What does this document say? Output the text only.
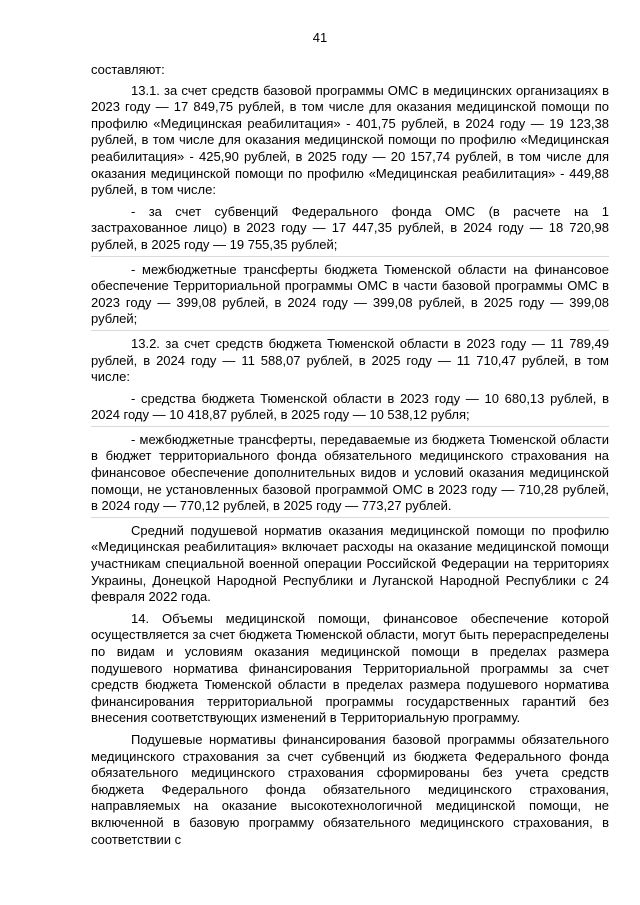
41

составляют:

13.1. за счет средств базовой программы ОМС в медицинских организациях в 2023 году — 17 849,75 рублей, в том числе для оказания медицинской помощи по профилю «Медицинская реабилитация» - 401,75 рублей, в 2024 году — 19 123,38 рублей, в том числе для оказания медицинской помощи по профилю «Медицинская реабилитация» - 425,90 рублей, в 2025 году — 20 157,74 рублей, в том числе для оказания медицинской помощи по профилю «Медицинская реабилитация» - 449,88 рублей, в том числе:

- за счет субвенций Федерального фонда ОМС (в расчете на 1 застрахованное лицо) в 2023 году — 17 447,35 рублей, в 2024 году — 18 720,98 рублей, в 2025 году — 19 755,35 рублей;

- межбюджетные трансферты бюджета Тюменской области на финансовое обеспечение Территориальной программы ОМС в части базовой программы ОМС в 2023 году — 399,08 рублей, в 2024 году — 399,08 рублей, в 2025 году — 399,08 рублей;

13.2. за счет средств бюджета Тюменской области в 2023 году — 11 789,49 рублей, в 2024 году — 11 588,07 рублей, в 2025 году — 11 710,47 рублей, в том числе:

- средства бюджета Тюменской области в 2023 году — 10 680,13 рублей, в 2024 году — 10 418,87 рублей, в 2025 году — 10 538,12 рубля;

- межбюджетные трансферты, передаваемые из бюджета Тюменской области в бюджет территориального фонда обязательного медицинского страхования на финансовое обеспечение дополнительных видов и условий оказания медицинской помощи, не установленных базовой программой ОМС в 2023 году — 710,28 рублей, в 2024 году — 770,12 рублей, в 2025 году — 773,27 рублей.

Средний подушевой норматив оказания медицинской помощи по профилю «Медицинская реабилитация» включает расходы на оказание медицинской помощи участникам специальной военной операции Российской Федерации на территориях Украины, Донецкой Народной Республики и Луганской Народной Республики с 24 февраля 2022 года.

14. Объемы медицинской помощи, финансовое обеспечение которой осуществляется за счет бюджета Тюменской области, могут быть перераспределены по видам и условиям оказания медицинской помощи в пределах размера подушевого норматива финансирования Территориальной программы за счет средств бюджета Тюменской области в пределах размера подушевого норматива финансирования территориальной программы государственных гарантий без внесения соответствующих изменений в Территориальную программу.

Подушевые нормативы финансирования базовой программы обязательного медицинского страхования за счет субвенций из бюджета Федерального фонда обязательного медицинского страхования сформированы без учета средств бюджета Федерального фонда обязательного медицинского страхования, направляемых на оказание высокотехнологичной медицинской помощи, не включенной в базовую программу обязательного медицинского страхования, в соответствии с
